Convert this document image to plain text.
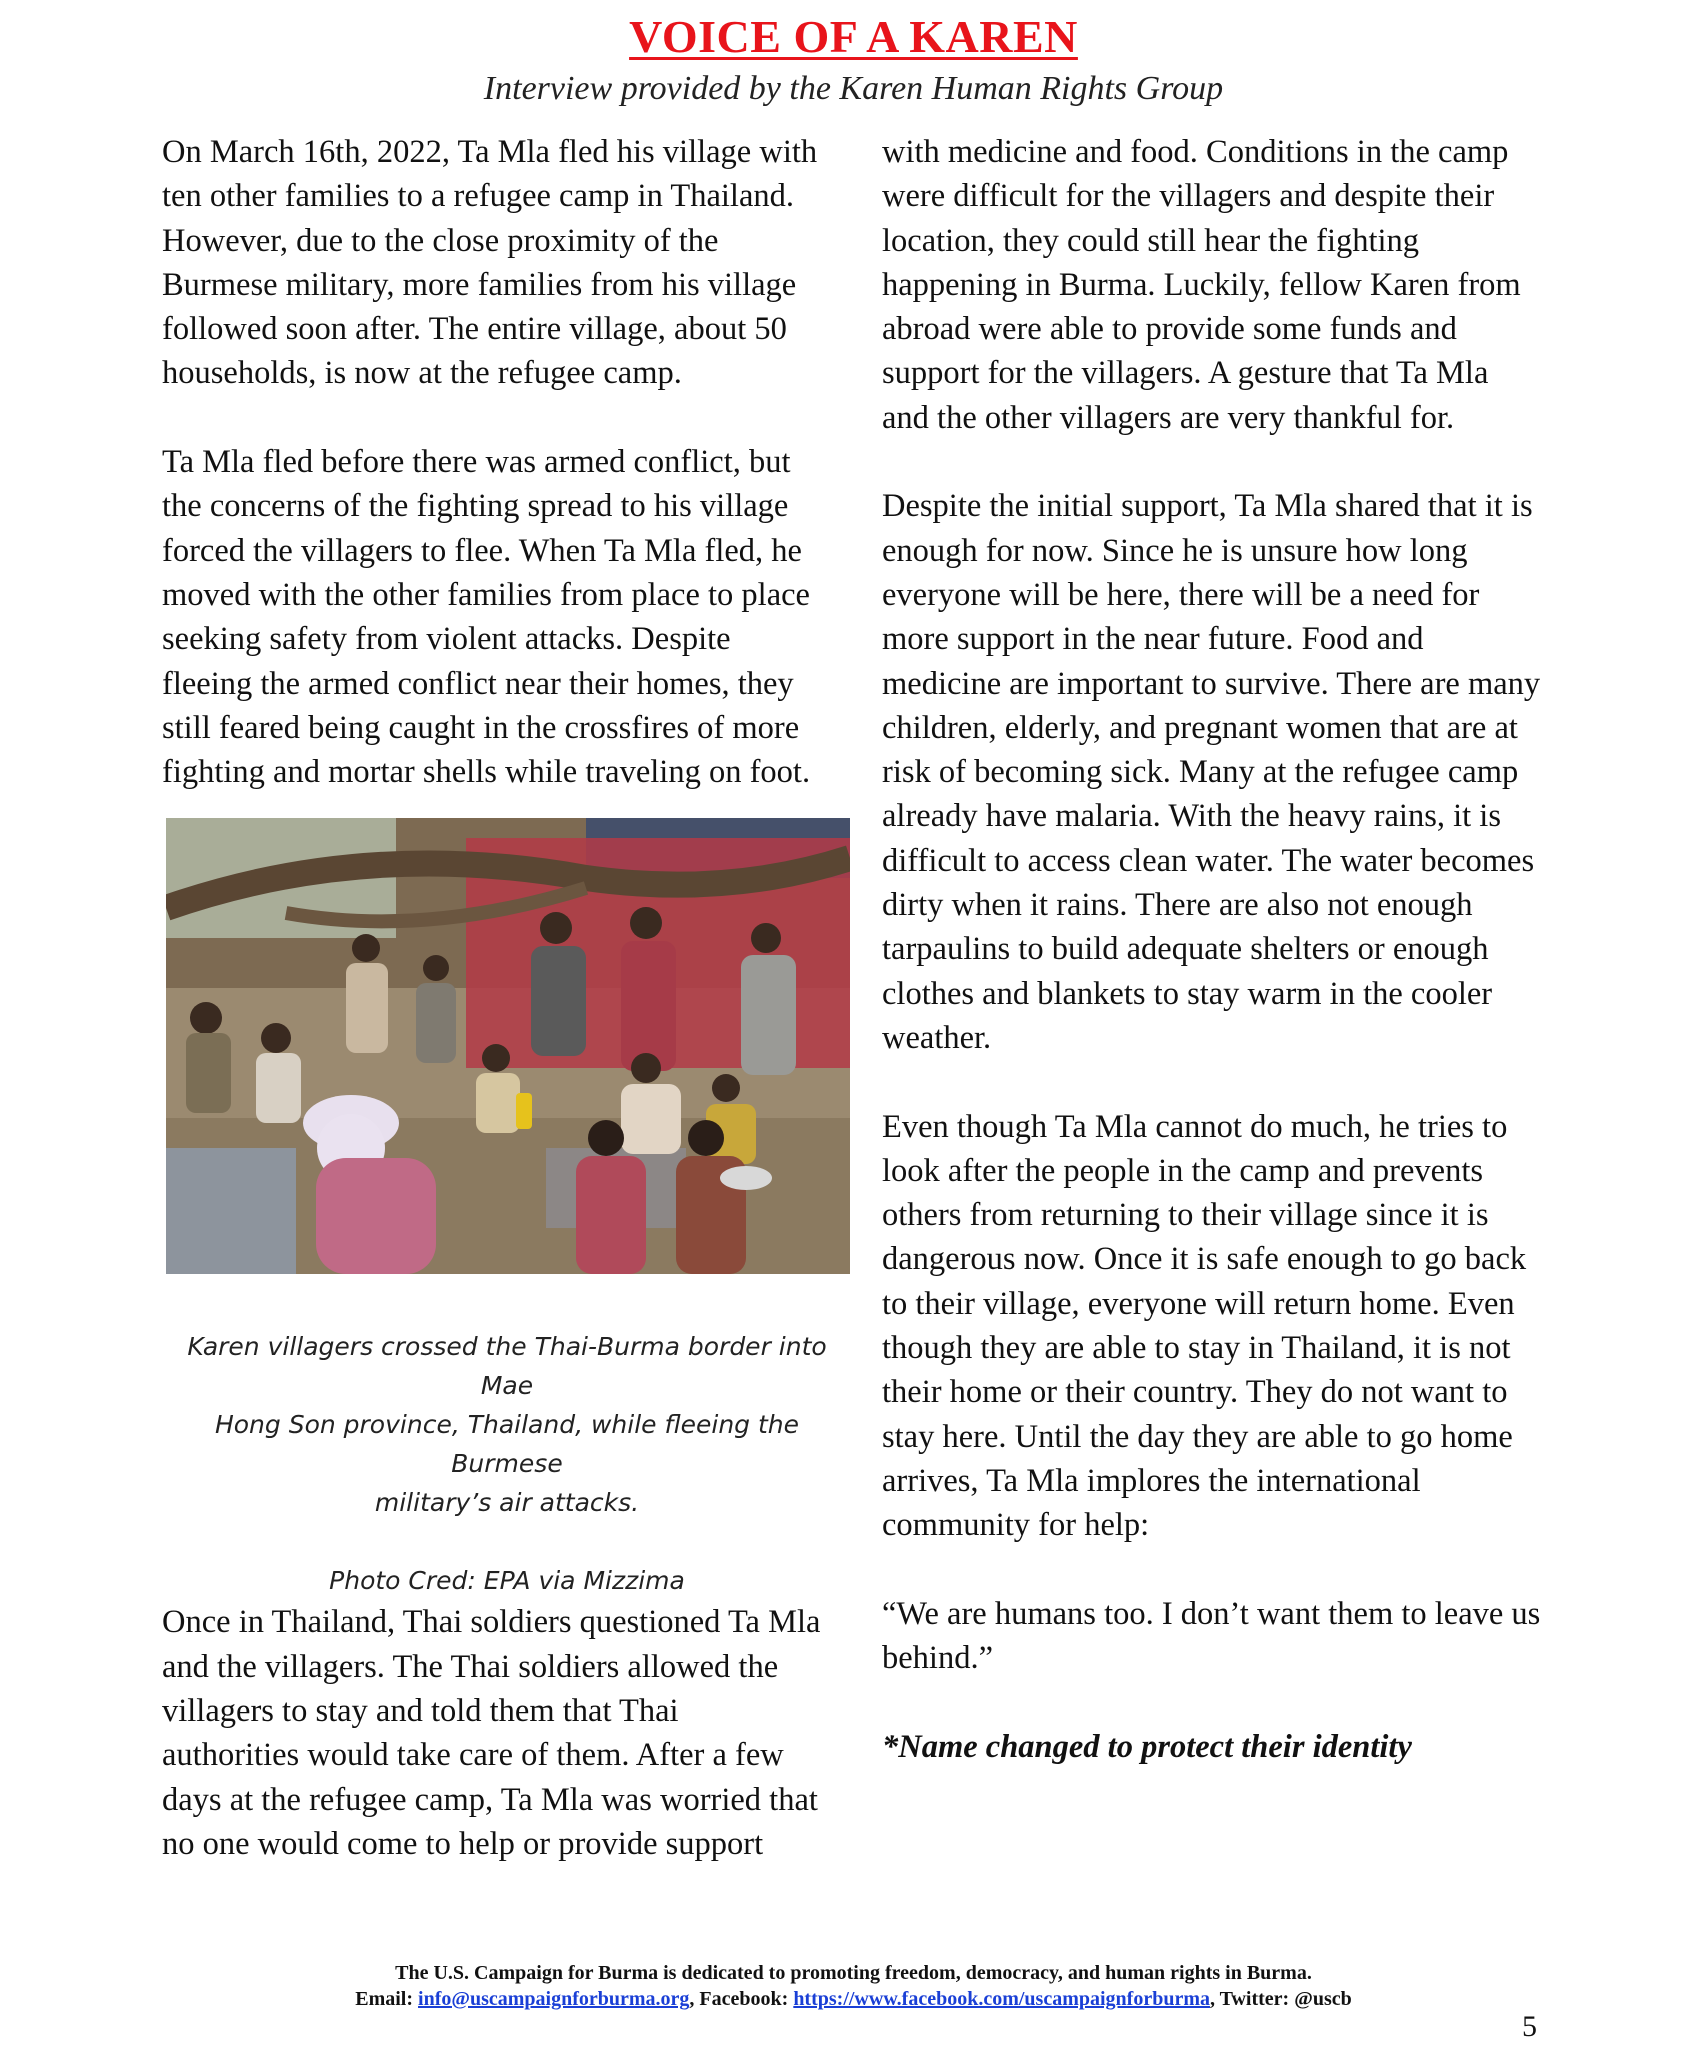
VOICE OF A KAREN
Interview provided by the Karen Human Rights Group

On March 16th, 2022, Ta Mla fled his village with
ten other families to a refugee camp in Thailand.
However, due to the close proximity of the
Burmese military, more families from his village
followed soon after. The entire village, about 50
households, is now at the refugee camp.

Ta Mla fled before there was armed conflict, but
the concerns of the fighting spread to his village
forced the villagers to flee. When Ta Mla fled, he
moved with the other families from place to place
seeking safety from violent attacks. Despite
fleeing the armed conflict near their homes, they
still feared being caught in the crossfires of more
fighting and mortar shells while traveling on foot.

Karen villagers crossed the Thai-Burma border into Mae
Hong Son province, Thailand, while fleeing the Burmese
military’s air attacks.

Photo Cred: EPA via Mizzima

Once in Thailand, Thai soldiers questioned Ta Mla
and the villagers. The Thai soldiers allowed the
villagers to stay and told them that Thai
authorities would take care of them. After a few
days at the refugee camp, Ta Mla was worried that
no one would come to help or provide support

with medicine and food. Conditions in the camp
were difficult for the villagers and despite their
location, they could still hear the fighting
happening in Burma. Luckily, fellow Karen from
abroad were able to provide some funds and
support for the villagers. A gesture that Ta Mla
and the other villagers are very thankful for.

Despite the initial support, Ta Mla shared that it is
enough for now. Since he is unsure how long
everyone will be here, there will be a need for
more support in the near future. Food and
medicine are important to survive. There are many
children, elderly, and pregnant women that are at
risk of becoming sick. Many at the refugee camp
already have malaria. With the heavy rains, it is
difficult to access clean water. The water becomes
dirty when it rains. There are also not enough
tarpaulins to build adequate shelters or enough
clothes and blankets to stay warm in the cooler
weather.

Even though Ta Mla cannot do much, he tries to
look after the people in the camp and prevents
others from returning to their village since it is
dangerous now. Once it is safe enough to go back
to their village, everyone will return home. Even
though they are able to stay in Thailand, it is not
their home or their country. They do not want to
stay here. Until the day they are able to go home
arrives, Ta Mla implores the international
community for help:

“We are humans too. I don’t want them to leave us
behind.”

*Name changed to protect their identity

The U.S. Campaign for Burma is dedicated to promoting freedom, democracy, and human rights in Burma.
Email: info@uscampaignforburma.org, Facebook: https://www.facebook.com/uscampaignforburma, Twitter: @uscb
5
